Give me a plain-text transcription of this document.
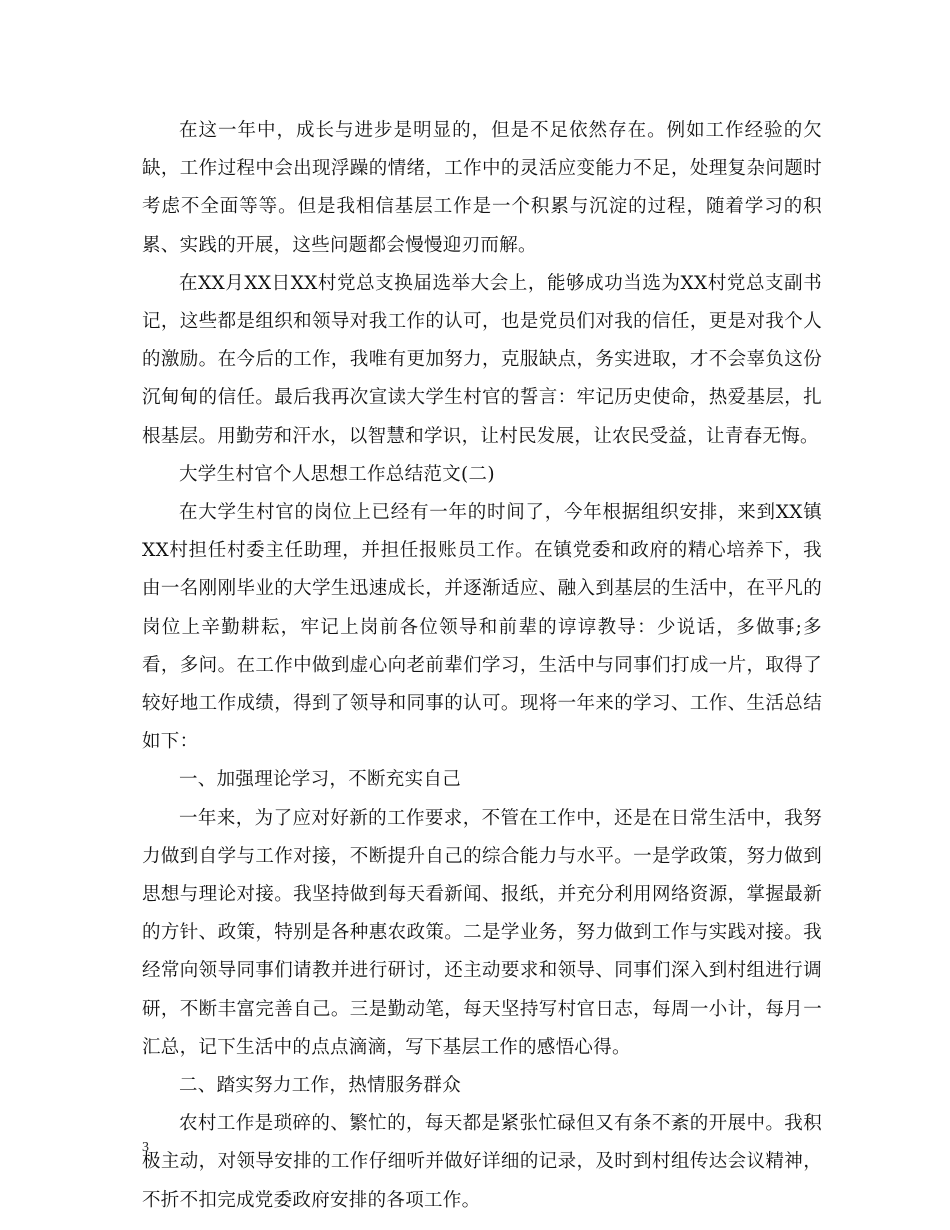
在这一年中，成长与进步是明显的，但是不足依然存在。例如工作经验的欠缺，工作过程中会出现浮躁的情绪，工作中的灵活应变能力不足，处理复杂问题时考虑不全面等等。但是我相信基层工作是一个积累与沉淀的过程，随着学习的积累、实践的开展，这些问题都会慢慢迎刃而解。

在XX月XX日XX村党总支换届选举大会上，能够成功当选为XX村党总支副书记，这些都是组织和领导对我工作的认可，也是党员们对我的信任，更是对我个人的激励。在今后的工作，我唯有更加努力，克服缺点，务实进取，才不会辜负这份沉甸甸的信任。最后我再次宣读大学生村官的誓言：牢记历史使命，热爱基层，扎根基层。用勤劳和汗水，以智慧和学识，让村民发展，让农民受益，让青春无悔。

大学生村官个人思想工作总结范文(二)

在大学生村官的岗位上已经有一年的时间了，今年根据组织安排，来到XX镇XX村担任村委主任助理，并担任报账员工作。在镇党委和政府的精心培养下，我由一名刚刚毕业的大学生迅速成长，并逐渐适应、融入到基层的生活中，在平凡的岗位上辛勤耕耘，牢记上岗前各位领导和前辈的谆谆教导：少说话，多做事;多看，多问。在工作中做到虚心向老前辈们学习，生活中与同事们打成一片，取得了较好地工作成绩，得到了领导和同事的认可。现将一年来的学习、工作、生活总结如下：

一、加强理论学习，不断充实自己

一年来，为了应对好新的工作要求，不管在工作中，还是在日常生活中，我努力做到自学与工作对接，不断提升自己的综合能力与水平。一是学政策，努力做到思想与理论对接。我坚持做到每天看新闻、报纸，并充分利用网络资源，掌握最新的方针、政策，特别是各种惠农政策。二是学业务，努力做到工作与实践对接。我经常向领导同事们请教并进行研讨，还主动要求和领导、同事们深入到村组进行调研，不断丰富完善自己。三是勤动笔，每天坚持写村官日志，每周一小计，每月一汇总，记下生活中的点点滴滴，写下基层工作的感悟心得。

二、踏实努力工作，热情服务群众

农村工作是琐碎的、繁忙的，每天都是紧张忙碌但又有条不紊的开展中。我积极主动，对领导安排的工作仔细听并做好详细的记录，及时到村组传达会议精神，不折不扣完成党委政府安排的各项工作。

3
